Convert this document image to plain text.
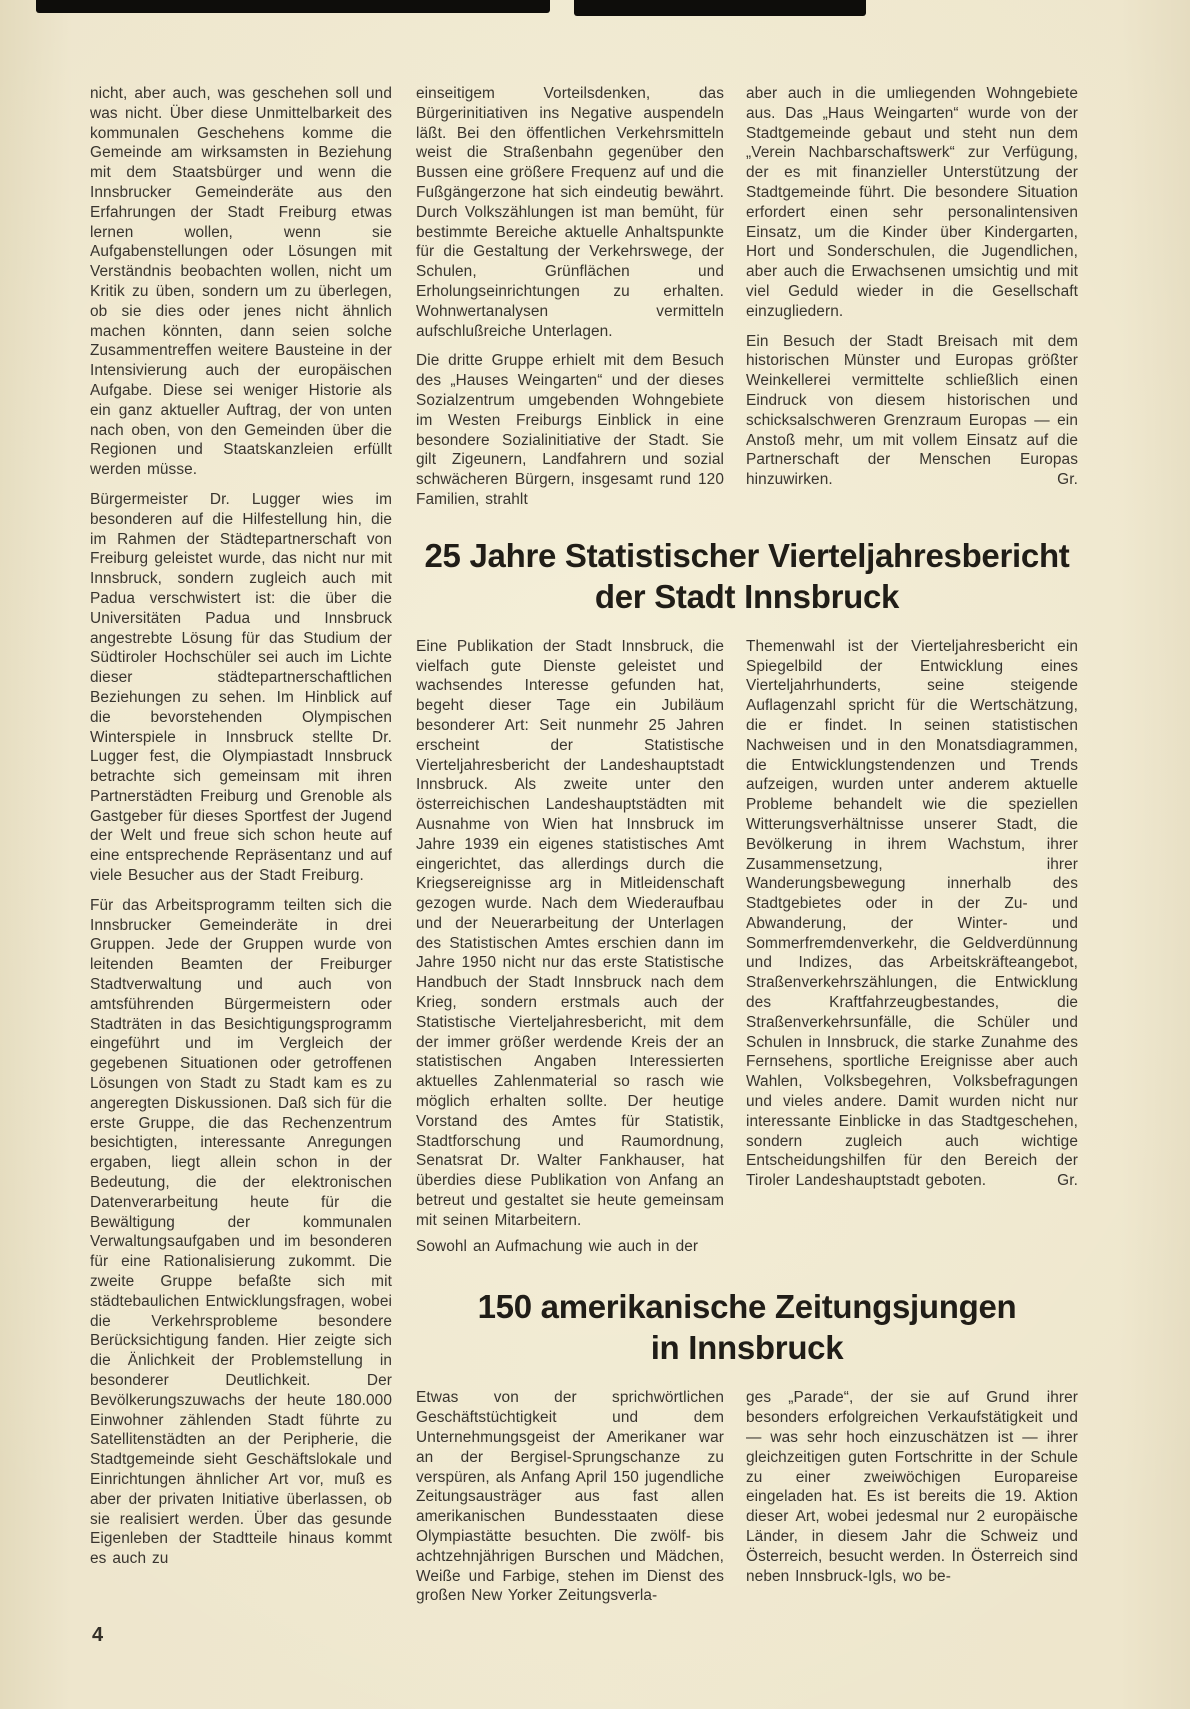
nicht, aber auch, was geschehen soll und was nicht. Über diese Unmittelbarkeit des kommunalen Geschehens komme die Gemeinde am wirksamsten in Beziehung mit dem Staatsbürger und wenn die Innsbrucker Gemeinderäte aus den Erfahrungen der Stadt Freiburg etwas lernen wollen, wenn sie Aufgabenstellungen oder Lösungen mit Verständnis beobachten wollen, nicht um Kritik zu üben, sondern um zu überlegen, ob sie dies oder jenes nicht ähnlich machen könnten, dann seien solche Zusammentreffen weitere Bausteine in der Intensivierung auch der europäischen Aufgabe. Diese sei weniger Historie als ein ganz aktueller Auftrag, der von unten nach oben, von den Gemeinden über die Regionen und Staatskanzleien erfüllt werden müsse.

Bürgermeister Dr. Lugger wies im besonderen auf die Hilfestellung hin, die im Rahmen der Städtepartnerschaft von Freiburg geleistet wurde, das nicht nur mit Innsbruck, sondern zugleich auch mit Padua verschwistert ist: die über die Universitäten Padua und Innsbruck angestrebte Lösung für das Studium der Südtiroler Hochschüler sei auch im Lichte dieser städtepartnerschaftlichen Beziehungen zu sehen. Im Hinblick auf die bevorstehenden Olympischen Winterspiele in Innsbruck stellte Dr. Lugger fest, die Olympiastadt Innsbruck betrachte sich gemeinsam mit ihren Partnerstädten Freiburg und Grenoble als Gastgeber für dieses Sportfest der Jugend der Welt und freue sich schon heute auf eine entsprechende Repräsentanz und auf viele Besucher aus der Stadt Freiburg.

Für das Arbeitsprogramm teilten sich die Innsbrucker Gemeinderäte in drei Gruppen. Jede der Gruppen wurde von leitenden Beamten der Freiburger Stadtverwaltung und auch von amtsführenden Bürgermeistern oder Stadträten in das Besichtigungsprogramm eingeführt und im Vergleich der gegebenen Situationen oder getroffenen Lösungen von Stadt zu Stadt kam es zu angeregten Diskussionen. Daß sich für die erste Gruppe, die das Rechenzentrum besichtigten, interessante Anregungen ergaben, liegt allein schon in der Bedeutung, die der elektronischen Datenverarbeitung heute für die Bewältigung der kommunalen Verwaltungsaufgaben und im besonderen für eine Rationalisierung zukommt. Die zweite Gruppe befaßte sich mit städtebaulichen Entwicklungsfragen, wobei die Verkehrsprobleme besondere Berücksichtigung fanden. Hier zeigte sich die Änlichkeit der Problemstellung in besonderer Deutlichkeit. Der Bevölkerungszuwachs der heute 180.000 Einwohner zählenden Stadt führte zu Satellitenstädten an der Peripherie, die Stadtgemeinde sieht Geschäftslokale und Einrichtungen ähnlicher Art vor, muß es aber der privaten Initiative überlassen, ob sie realisiert werden. Über das gesunde Eigenleben der Stadtteile hinaus kommt es auch zu

einseitigem Vorteilsdenken, das Bürgerinitiativen ins Negative auspendeln läßt. Bei den öffentlichen Verkehrsmitteln weist die Straßenbahn gegenüber den Bussen eine größere Frequenz auf und die Fußgängerzone hat sich eindeutig bewährt. Durch Volkszählungen ist man bemüht, für bestimmte Bereiche aktuelle Anhaltspunkte für die Gestaltung der Verkehrswege, der Schulen, Grünflächen und Erholungseinrichtungen zu erhalten. Wohnwertanalysen vermitteln aufschlußreiche Unterlagen.

Die dritte Gruppe erhielt mit dem Besuch des „Hauses Weingarten“ und der dieses Sozialzentrum umgebenden Wohngebiete im Westen Freiburgs Einblick in eine besondere Sozialinitiative der Stadt. Sie gilt Zigeunern, Landfahrern und sozial schwächeren Bürgern, insgesamt rund 120 Familien, strahlt

aber auch in die umliegenden Wohngebiete aus. Das „Haus Weingarten“ wurde von der Stadtgemeinde gebaut und steht nun dem „Verein Nachbarschaftswerk“ zur Verfügung, der es mit finanzieller Unterstützung der Stadtgemeinde führt. Die besondere Situation erfordert einen sehr personalintensiven Einsatz, um die Kinder über Kindergarten, Hort und Sonderschulen, die Jugendlichen, aber auch die Erwachsenen umsichtig und mit viel Geduld wieder in die Gesellschaft einzugliedern.

Ein Besuch der Stadt Breisach mit dem historischen Münster und Europas größter Weinkellerei vermittelte schließlich einen Eindruck von diesem historischen und schicksalschweren Grenzraum Europas — ein Anstoß mehr, um mit vollem Einsatz auf die Partnerschaft der Menschen Europas hinzuwirken.	Gr.

25 Jahre Statistischer Vierteljahresbericht
der Stadt Innsbruck

Eine Publikation der Stadt Innsbruck, die vielfach gute Dienste geleistet und wachsendes Interesse gefunden hat, begeht dieser Tage ein Jubiläum besonderer Art: Seit nunmehr 25 Jahren erscheint der Statistische Vierteljahresbericht der Landeshauptstadt Innsbruck. Als zweite unter den österreichischen Landeshauptstädten mit Ausnahme von Wien hat Innsbruck im Jahre 1939 ein eigenes statistisches Amt eingerichtet, das allerdings durch die Kriegsereignisse arg in Mitleidenschaft gezogen wurde. Nach dem Wiederaufbau und der Neuerarbeitung der Unterlagen des Statistischen Amtes erschien dann im Jahre 1950 nicht nur das erste Statistische Handbuch der Stadt Innsbruck nach dem Krieg, sondern erstmals auch der Statistische Vierteljahresbericht, mit dem der immer größer werdende Kreis der an statistischen Angaben Interessierten aktuelles Zahlenmaterial so rasch wie möglich erhalten sollte. Der heutige Vorstand des Amtes für Statistik, Stadtforschung und Raumordnung, Senatsrat Dr. Walter Fankhauser, hat überdies diese Publikation von Anfang an betreut und gestaltet sie heute gemeinsam mit seinen Mitarbeitern.

Sowohl an Aufmachung wie auch in der

Themenwahl ist der Vierteljahresbericht ein Spiegelbild der Entwicklung eines Vierteljahrhunderts, seine steigende Auflagenzahl spricht für die Wertschätzung, die er findet. In seinen statistischen Nachweisen und in den Monatsdiagrammen, die Entwicklungstendenzen und Trends aufzeigen, wurden unter anderem aktuelle Probleme behandelt wie die speziellen Witterungsverhältnisse unserer Stadt, die Bevölkerung in ihrem Wachstum, ihrer Zusammensetzung, ihrer Wanderungsbewegung innerhalb des Stadtgebietes oder in der Zu- und Abwanderung, der Winter- und Sommerfremdenverkehr, die Geldverdünnung und Indizes, das Arbeitskräfteangebot, Straßenverkehrszählungen, die Entwicklung des Kraftfahrzeugbestandes, die Straßenverkehrsunfälle, die Schüler und Schulen in Innsbruck, die starke Zunahme des Fernsehens, sportliche Ereignisse aber auch Wahlen, Volksbegehren, Volksbefragungen und vieles andere. Damit wurden nicht nur interessante Einblicke in das Stadtgeschehen, sondern zugleich auch wichtige Entscheidungshilfen für den Bereich der Tiroler Landeshauptstadt geboten.	Gr.

150 amerikanische Zeitungsjungen
in Innsbruck

Etwas von der sprichwörtlichen Geschäftstüchtigkeit und dem Unternehmungsgeist der Amerikaner war an der Bergisel-Sprungschanze zu verspüren, als Anfang April 150 jugendliche Zeitungsausträger aus fast allen amerikanischen Bundesstaaten diese Olympiastätte besuchten. Die zwölf- bis achtzehnjährigen Burschen und Mädchen, Weiße und Farbige, stehen im Dienst des großen New Yorker Zeitungsverla-

ges „Parade“, der sie auf Grund ihrer besonders erfolgreichen Verkaufstätigkeit und — was sehr hoch einzuschätzen ist — ihrer gleichzeitigen guten Fortschritte in der Schule zu einer zweiwöchigen Europareise eingeladen hat. Es ist bereits die 19. Aktion dieser Art, wobei jedesmal nur 2 europäische Länder, in diesem Jahr die Schweiz und Österreich, besucht werden. In Österreich sind neben Innsbruck-Igls, wo be-

4
